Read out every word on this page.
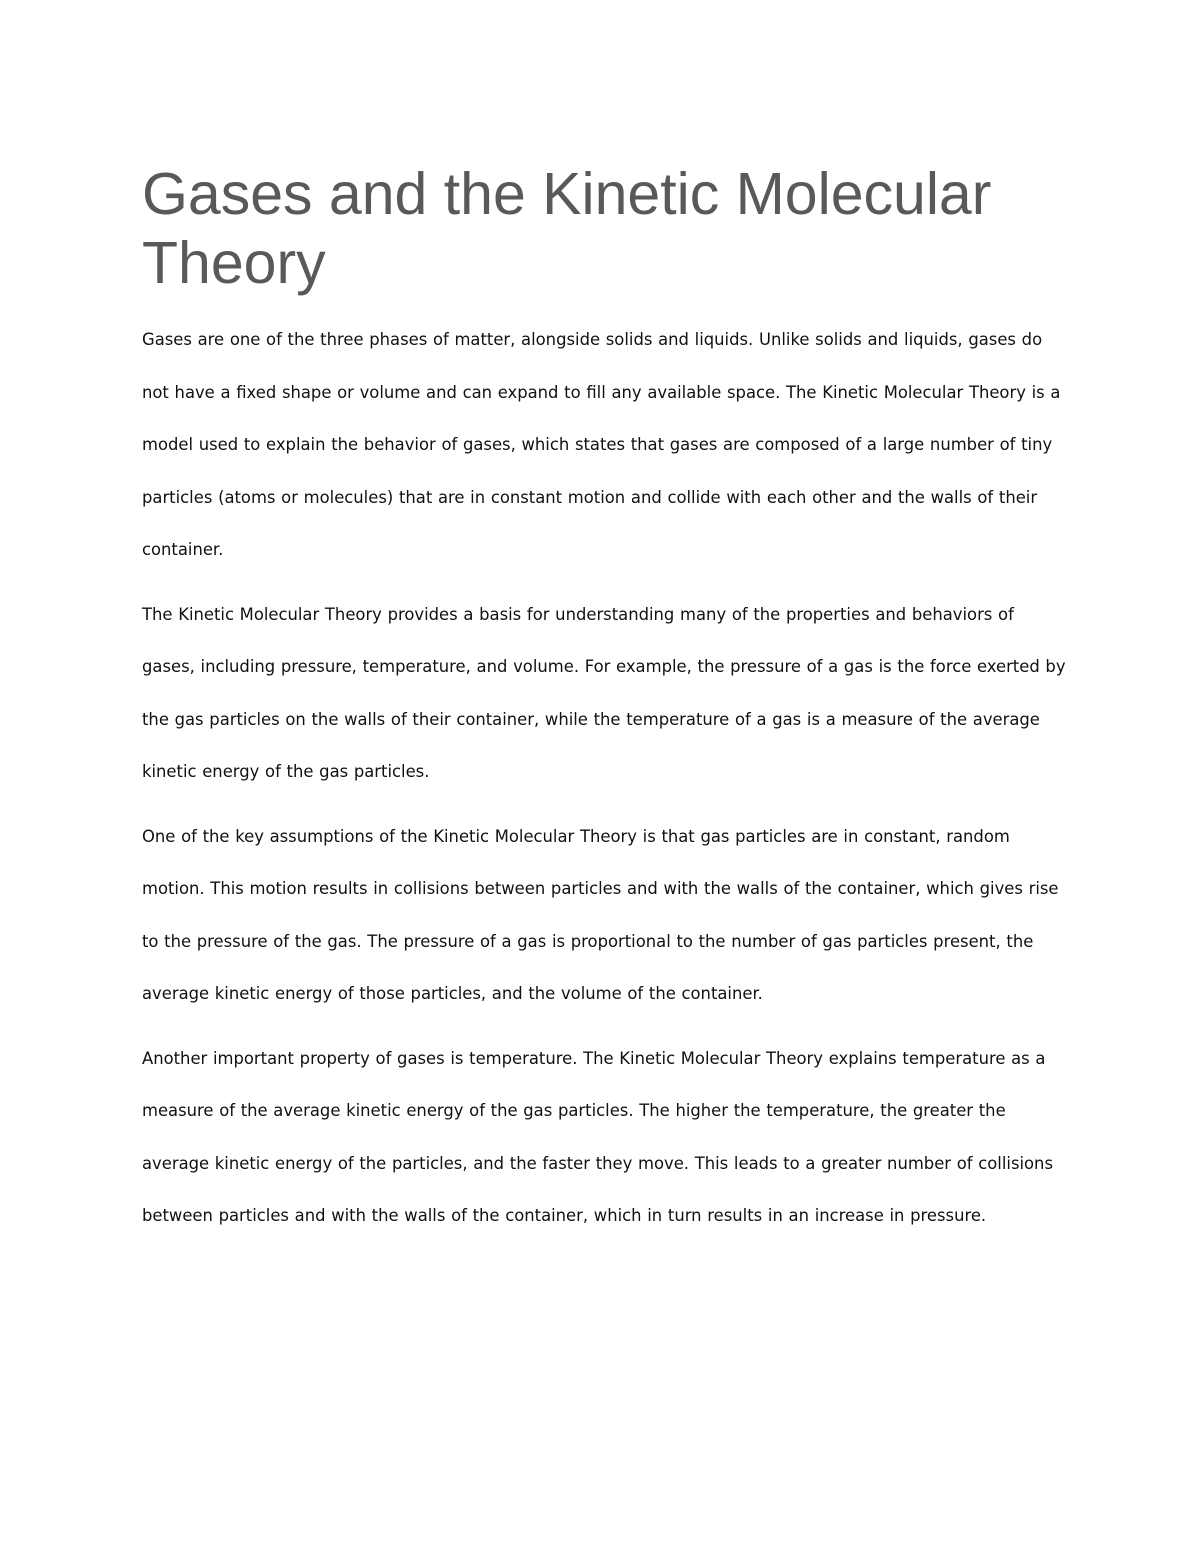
Gases and the Kinetic Molecular Theory

Gases are one of the three phases of matter, alongside solids and liquids. Unlike solids and liquids, gases do not have a fixed shape or volume and can expand to fill any available space. The Kinetic Molecular Theory is a model used to explain the behavior of gases, which states that gases are composed of a large number of tiny particles (atoms or molecules) that are in constant motion and collide with each other and the walls of their container.

The Kinetic Molecular Theory provides a basis for understanding many of the properties and behaviors of gases, including pressure, temperature, and volume. For example, the pressure of a gas is the force exerted by the gas particles on the walls of their container, while the temperature of a gas is a measure of the average kinetic energy of the gas particles.

One of the key assumptions of the Kinetic Molecular Theory is that gas particles are in constant, random motion. This motion results in collisions between particles and with the walls of the container, which gives rise to the pressure of the gas. The pressure of a gas is proportional to the number of gas particles present, the average kinetic energy of those particles, and the volume of the container.

Another important property of gases is temperature. The Kinetic Molecular Theory explains temperature as a measure of the average kinetic energy of the gas particles. The higher the temperature, the greater the average kinetic energy of the particles, and the faster they move. This leads to a greater number of collisions between particles and with the walls of the container, which in turn results in an increase in pressure.
